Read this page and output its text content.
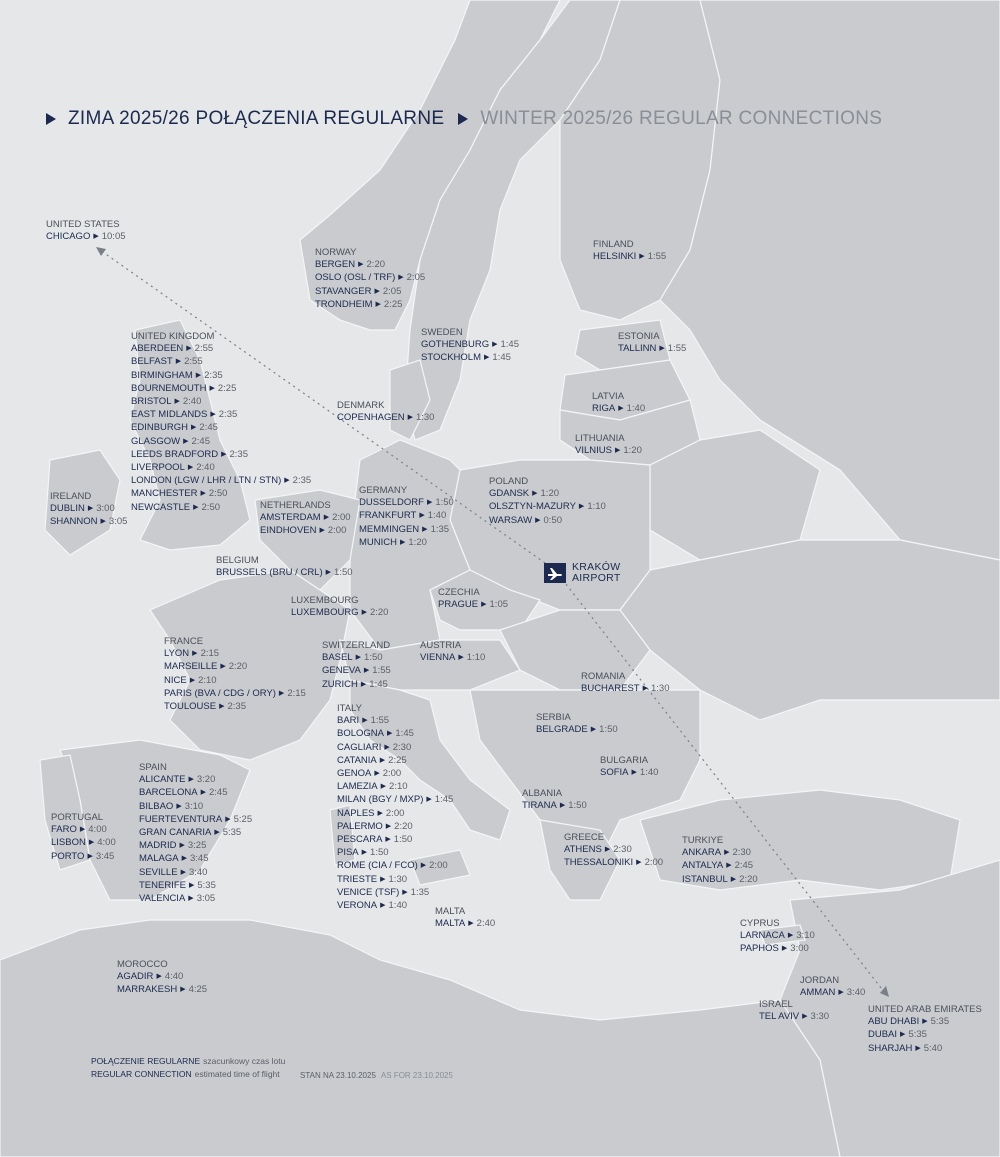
ZIMA 2025/26 POŁĄCZENIA REGULARNE WINTER 2025/26 REGULAR CONNECTIONS
UNITED STATES
CHICAGO ▶ 10:05
NORWAY
BERGEN ▶ 2:20
OSLO (OSL / TRF) ▶ 2:05
STAVANGER ▶ 2:05
TRONDHEIM ▶ 2:25
FINLAND
HELSINKI ▶ 1:55
UNITED KINGDOM
ABERDEEN ▶ 2:55
BELFAST ▶ 2:55
BIRMINGHAM ▶ 2:35
BOURNEMOUTH ▶ 2:25
BRISTOL ▶ 2:40
EAST MIDLANDS ▶ 2:35
EDINBURGH ▶ 2:45
GLASGOW ▶ 2:45
LEEDS BRADFORD ▶ 2:35
LIVERPOOL ▶ 2:40
LONDON (LGW / LHR / LTN / STN) ▶ 2:35
MANCHESTER ▶ 2:50
NEWCASTLE ▶ 2:50
SWEDEN
GOTHENBURG ▶ 1:45
STOCKHOLM ▶ 1:45
ESTONIA
TALLINN ▶ 1:55
LATVIA
RIGA ▶ 1:40
DENMARK
COPENHAGEN ▶ 1:30
LITHUANIA
VILNIUS ▶ 1:20
IRELAND
DUBLIN ▶ 3:00
SHANNON ▶ 3:05
POLAND
GDANSK ▶ 1:20
OLSZTYN-MAZURY ▶ 1:10
WARSAW ▶ 0:50
GERMANY
DUSSELDORF ▶ 1:50
FRANKFURT ▶ 1:40
MEMMINGEN ▶ 1:35
MUNICH ▶ 1:20
NETHERLANDS
AMSTERDAM ▶ 2:00
EINDHOVEN ▶ 2:00
BELGIUM
BRUSSELS (BRU / CRL) ▶ 1:50
CZECHIA
PRAGUE ▶ 1:05
LUXEMBOURG
LUXEMBOURG ▶ 2:20
FRANCE
LYON ▶ 2:15
MARSEILLE ▶ 2:20
NICE ▶ 2:10
PARIS (BVA / CDG / ORY) ▶ 2:15
TOULOUSE ▶ 2:35
SWITZERLAND
BASEL ▶ 1:50
GENEVA ▶ 1:55
ZURICH ▶ 1:45
AUSTRIA
VIENNA ▶ 1:10
ROMANIA
BUCHAREST ▶ 1:30
ITALY
BARI ▶ 1:55
BOLOGNA ▶ 1:45
CAGLIARI ▶ 2:30
CATANIA ▶ 2:25
GENOA ▶ 2:00
LAMEZIA ▶ 2:10
MILAN (BGY / MXP) ▶ 1:45
NAPLES ▶ 2:00
PALERMO ▶ 2:20
PESCARA ▶ 1:50
PISA ▶ 1:50
ROME (CIA / FCO) ▶ 2:00
TRIESTE ▶ 1:30
VENICE (TSF) ▶ 1:35
VERONA ▶ 1:40
SERBIA
BELGRADE ▶ 1:50
SPAIN
ALICANTE ▶ 3:20
BARCELONA ▶ 2:45
BILBAO ▶ 3:10
FUERTEVENTURA ▶ 5:25
GRAN CANARIA ▶ 5:35
MADRID ▶ 3:25
MALAGA ▶ 3:45
SEVILLE ▶ 3:40
TENERIFE ▶ 5:35
VALENCIA ▶ 3:05
BULGARIA
SOFIA ▶ 1:40
ALBANIA
TIRANA ▶ 1:50
PORTUGAL
FARO ▶ 4:00
LISBON ▶ 4:00
PORTO ▶ 3:45
TURKIYE
ANKARA ▶ 2:30
ANTALYA ▶ 2:45
ISTANBUL ▶ 2:20
GREECE
ATHENS ▶ 2:30
THESSALONIKI ▶ 2:00
MALTA
MALTA ▶ 2:40	CYPRUS
LARNACA ▶ 3:10
PAPHOS ▶ 3:00
MOROCCO
AGADIR ▶ 4:40
MARRAKESH ▶ 4:25
JORDAN
AMMAN ▶ 3:40
ISRAEL
TEL AVIV ▶ 3:30
UNITED ARAB EMIRATES
ABU DHABI ▶ 5:35
DUBAI ▶ 5:35
SHARJAH ▶ 5:40
KRAKÓW
AIRPORT
POŁĄCZENIE REGULARNE szacunkowy czas lotu
REGULAR CONNECTION estimated time of flight	STAN NA 23.10.2025 AS FOR 23.10.2025
